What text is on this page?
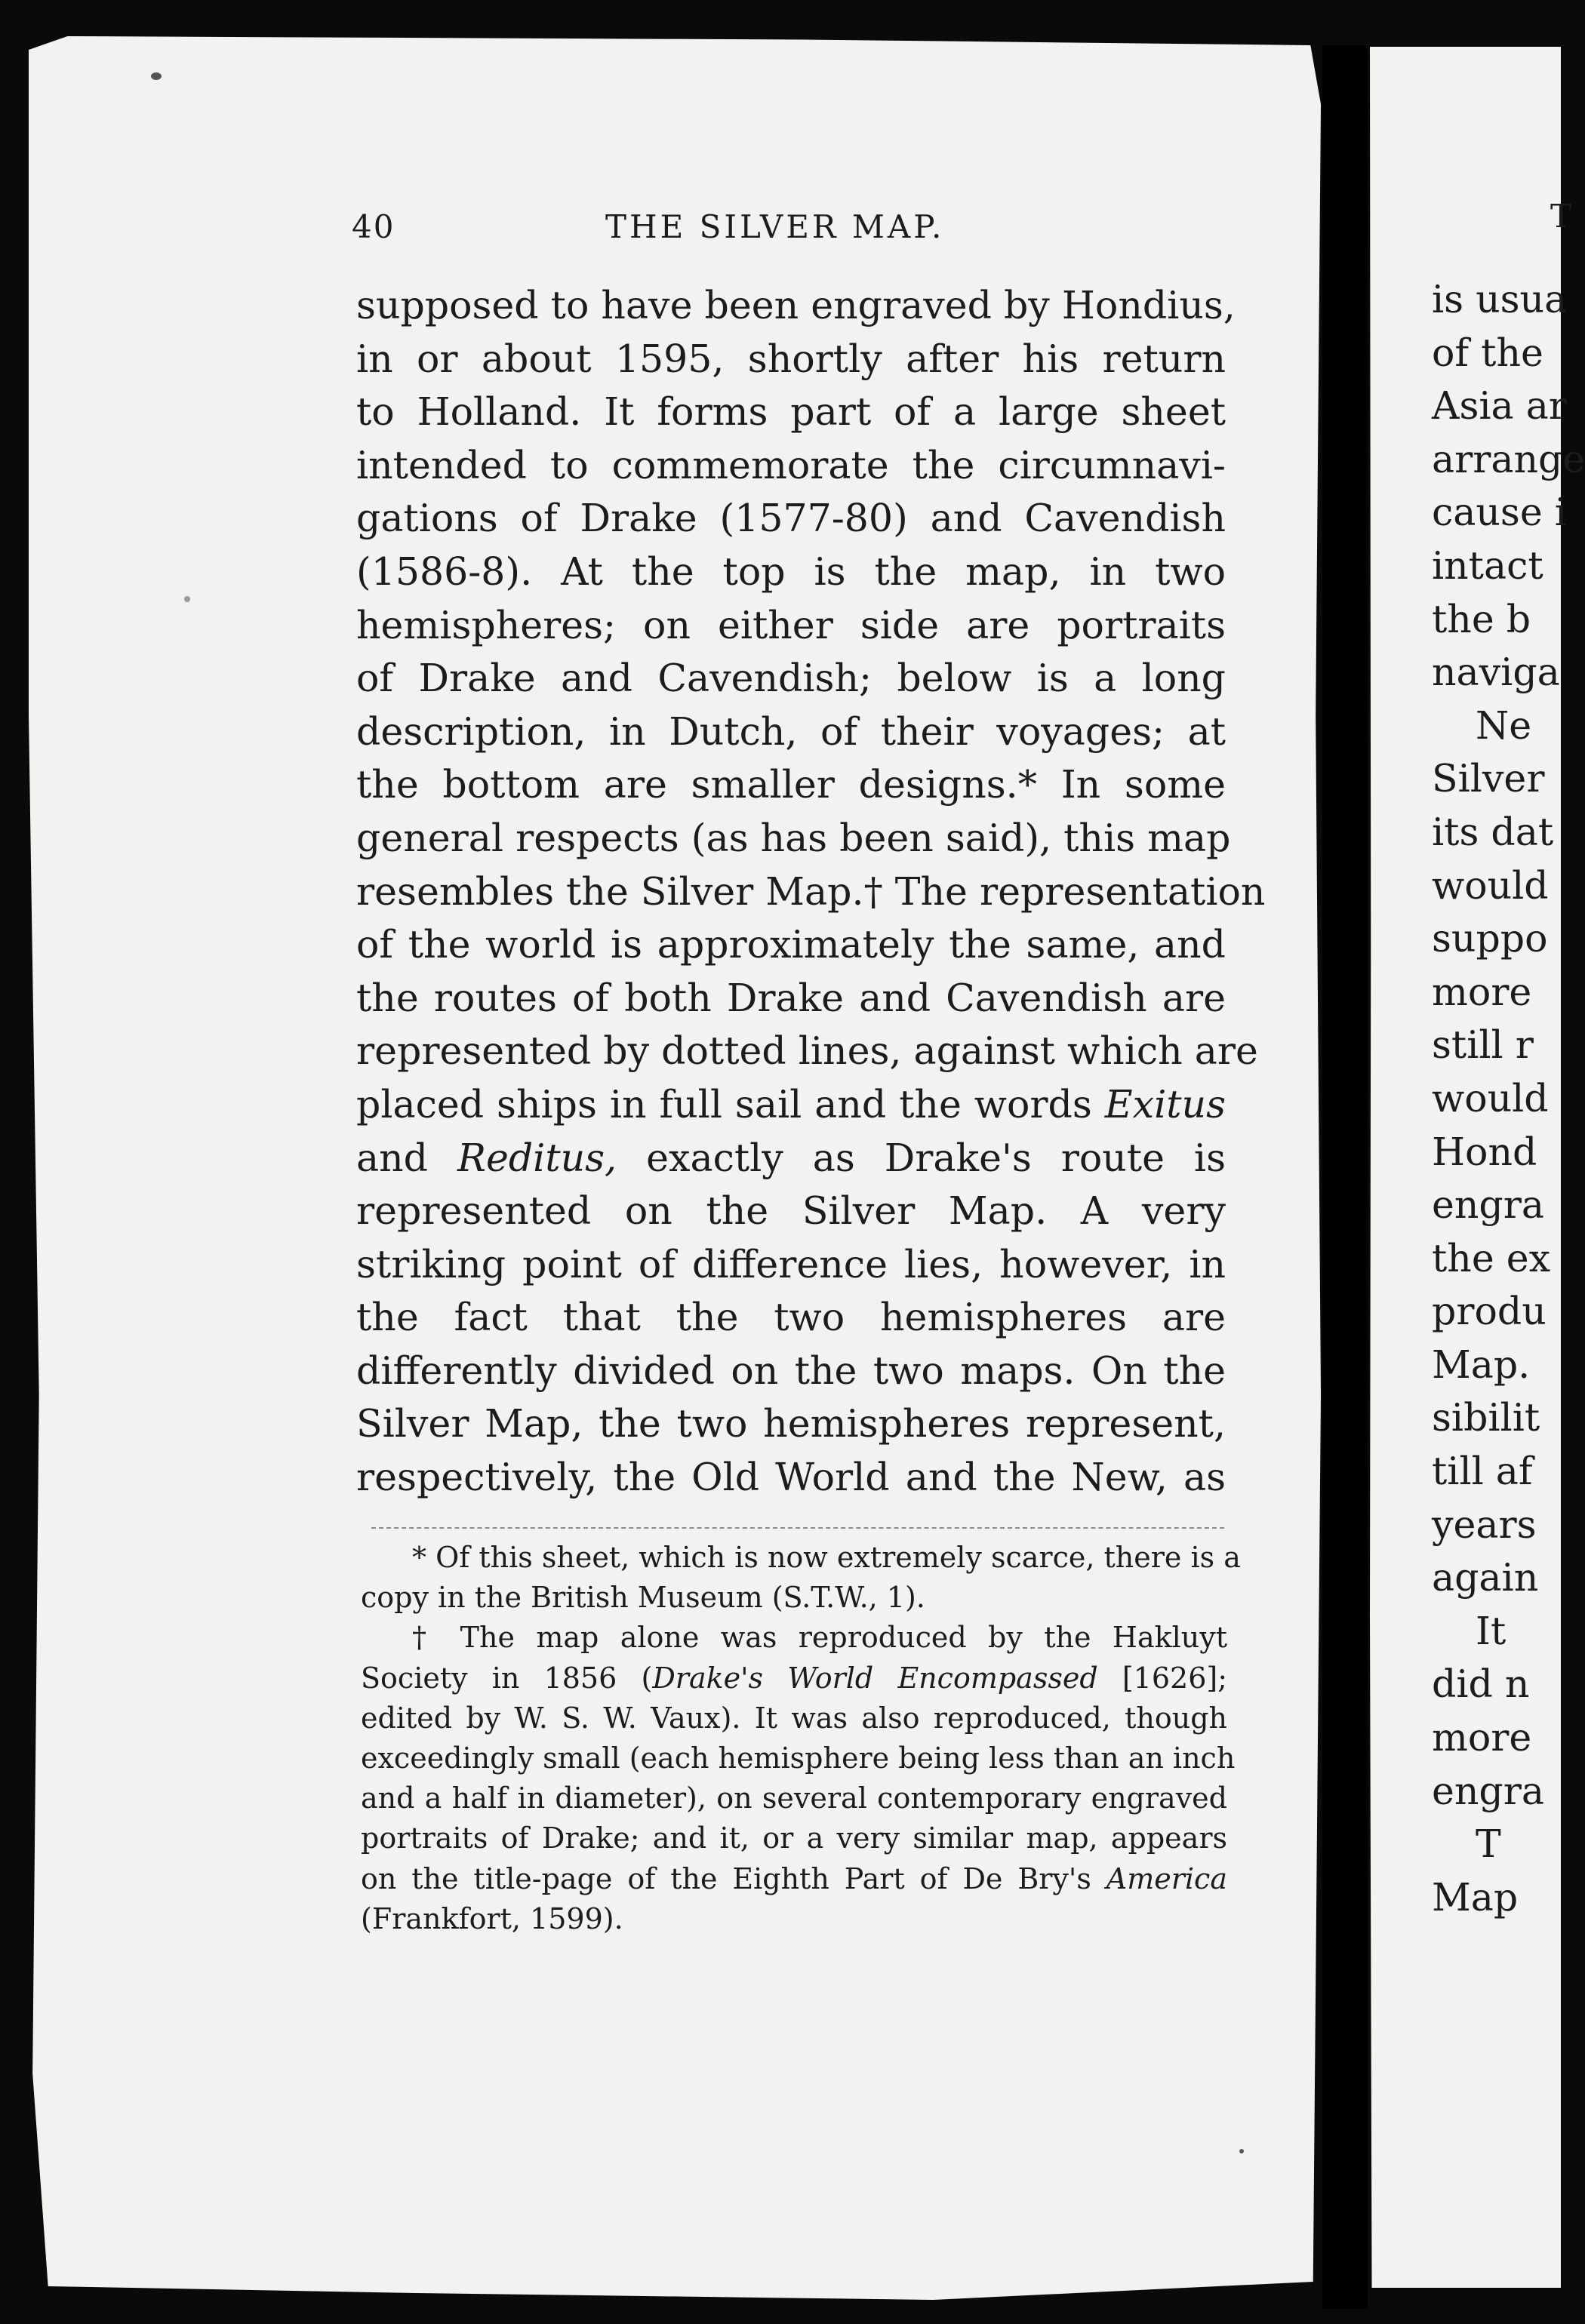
40	THE SILVER MAP.
supposed to have been engraved by Hondius,
in or about 1595, shortly after his return
to Holland. It forms part of a large sheet
intended to commemorate the circumnavi-
gations of Drake (1577-80) and Cavendish
(1586-8). At the top is the map, in two
hemispheres; on either side are portraits
of Drake and Cavendish; below is a long
description, in Dutch, of their voyages; at
the bottom are smaller designs.* In some
general respects (as has been said), this map
resembles the Silver Map.† The representation
of the world is approximately the same, and
the routes of both Drake and Cavendish are
represented by dotted lines, against which are
placed ships in full sail and the words Exitus
and Reditus, exactly as Drake's route is
represented on the Silver Map. A very
striking point of difference lies, however, in
the fact that the two hemispheres are
differently divided on the two maps. On the
Silver Map, the two hemispheres represent,
respectively, the Old World and the New, as
* Of this sheet, which is now extremely scarce, there is a
copy in the British Museum (S.T.W., 1).
† The map alone was reproduced by the Hakluyt
Society in 1856 (Drake's World Encompassed [1626];
edited by W. S. W. Vaux). It was also reproduced, though
exceedingly small (each hemisphere being less than an inch
and a half in diameter), on several contemporary engraved
portraits of Drake; and it, or a very similar map, appears
on the title-page of the Eighth Part of De Bry's America
(Frankfort, 1599).
T
is usua
of the
Asia ar
arrange
cause i
intact
the b
naviga
Ne
Silver
its dat
would
suppo
more
still r
would
Hond
engra
the ex
produ
Map.
sibilit
till af
years
again
It
did n
more
engra
T
Map
